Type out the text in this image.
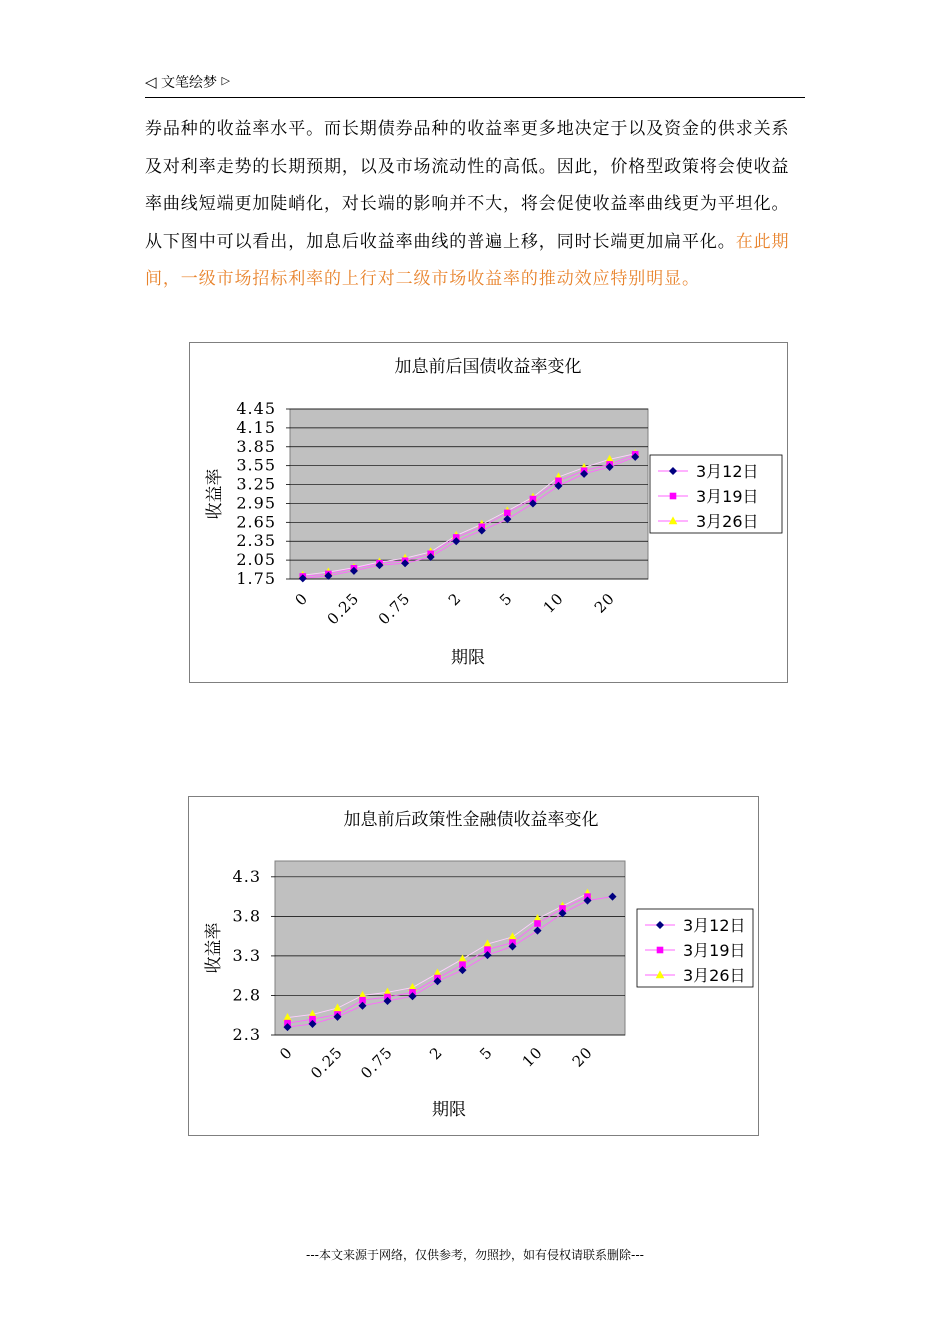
◁ 文笔绘梦 ▷

券品种的收益率水平。而长期债券品种的收益率更多地决定于以及资金的供求关系及对利率走势的长期预期，以及市场流动性的高低。因此，价格型政策将会使收益率曲线短端更加陡峭化，对长端的影响并不大，将会促使收益率曲线更为平坦化。从下图中可以看出，加息后收益率曲线的普遍上移，同时长端更加扁平化。在此期间，一级市场招标利率的上行对二级市场收益率的推动效应特别明显。

加息前后国债收益率变化
4.45
4.15
3.85
3.55
3.25
2.95
2.65
2.35
2.05
1.75
0 0.25 0.75 2 5 10 20
收益率
期限
3月12日
3月19日
3月26日
加息前后政策性金融债收益率变化
4.3
3.8
3.3
2.8
2.3
0 0.25 0.75 2 5 10 20
收益率
期限
3月12日
3月19日
3月26日
---本文来源于网络，仅供参考，勿照抄，如有侵权请联系删除---
